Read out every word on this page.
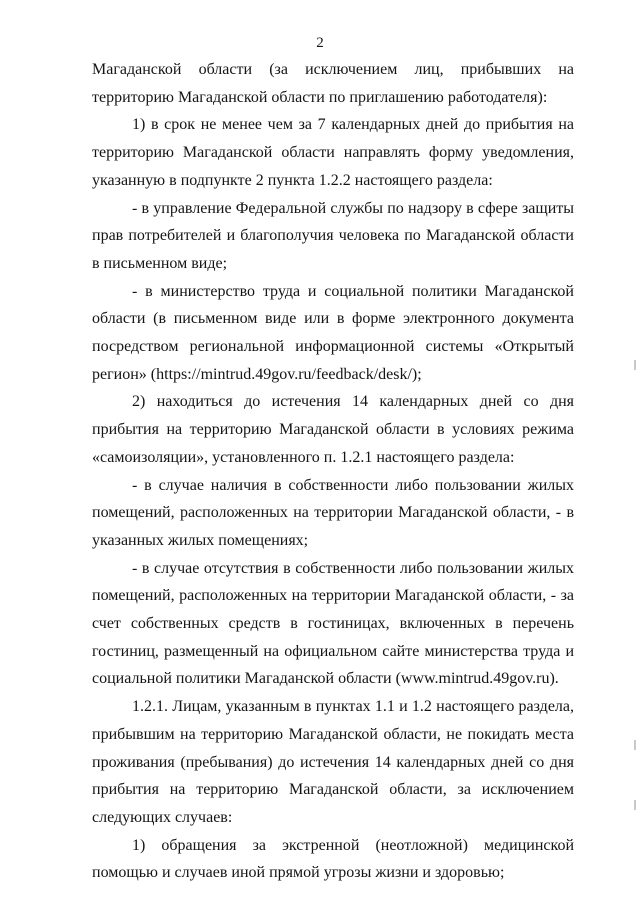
2

Магаданской области (за исключением лиц, прибывших на территорию Магаданской области по приглашению работодателя):

1) в срок не менее чем за 7 календарных дней до прибытия на территорию Магаданской области направлять форму уведомления, указанную в подпункте 2 пункта 1.2.2 настоящего раздела:

- в управление Федеральной службы по надзору в сфере защиты прав потребителей и благополучия человека по Магаданской области в письменном виде;

- в министерство труда и социальной политики Магаданской области (в письменном виде или в форме электронного документа посредством региональной информационной системы «Открытый регион» (https://mintrud.49gov.ru/feedback/desk/);

2) находиться до истечения 14 календарных дней со дня прибытия на территорию Магаданской области в условиях режима «самоизоляции», установленного п. 1.2.1 настоящего раздела:

- в случае наличия в собственности либо пользовании жилых помещений, расположенных на территории Магаданской области, - в указанных жилых помещениях;

- в случае отсутствия в собственности либо пользовании жилых помещений, расположенных на территории Магаданской области, - за счет собственных средств в гостиницах, включенных в перечень гостиниц, размещенный на официальном сайте министерства труда и социальной политики Магаданской области (www.mintrud.49gov.ru).

1.2.1. Лицам, указанным в пунктах 1.1 и 1.2 настоящего раздела, прибывшим на территорию Магаданской области, не покидать места проживания (пребывания) до истечения 14 календарных дней со дня прибытия на территорию Магаданской области, за исключением следующих случаев:

1) обращения за экстренной (неотложной) медицинской помощью и случаев иной прямой угрозы жизни и здоровью;
